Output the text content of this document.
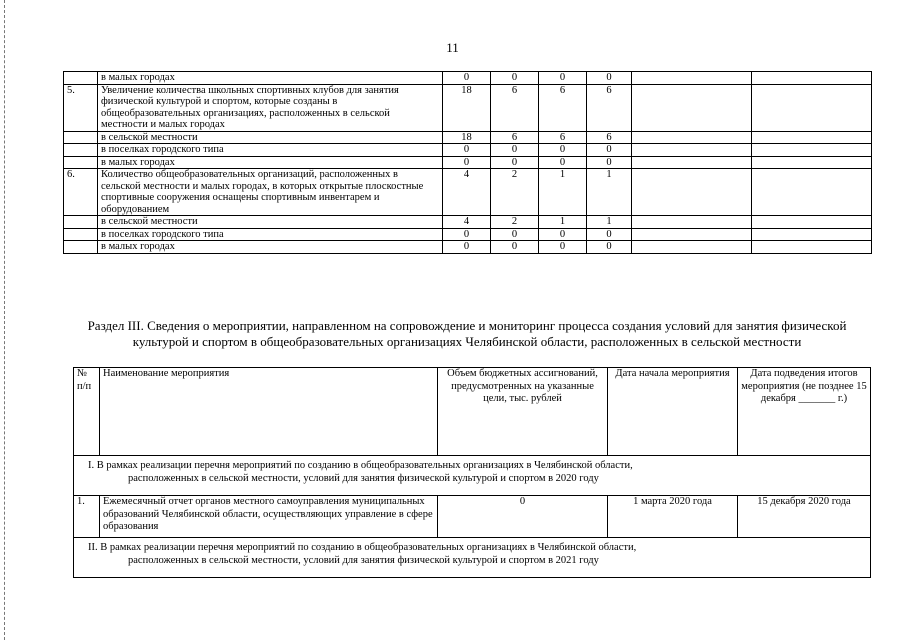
11
	в малых городах	0	0	0	0		
5.	Увеличение количества школьных спортивных клубов для занятия физической культурой и спортом, которые созданы в общеобразовательных организациях, расположенных в сельской местности и малых городах	18	6	6	6		
	в сельской местности	18	6	6	6		
	в поселках городского типа	0	0	0	0		
	в малых городах	0	0	0	0		
6.	Количество общеобразовательных организаций, расположенных в сельской местности и малых городах, в которых открытые плоскостные спортивные сооружения оснащены спортивным инвентарем и оборудованием	4	2	1	1		
	в сельской местности	4	2	1	1		
	в поселках городского типа	0	0	0	0		
	в малых городах	0	0	0	0		
Раздел III. Сведения о мероприятии, направленном на сопровождение и мониторинг процесса создания условий для занятия физической культурой и спортом в общеобразовательных организациях Челябинской области, расположенных в сельской местности
№ п/п	Наименование мероприятия	Объем бюджетных ассигнований, предусмотренных на указанные цели, тыс. рублей	Дата начала мероприятия	Дата подведения итогов мероприятия (не позднее 15 декабря _______ г.)
I. В рамках реализации перечня мероприятий по созданию в общеобразовательных организациях в Челябинской области,
расположенных в сельской местности, условий для занятия физической культурой и спортом в 2020 году				

1.	Ежемесячный отчет органов местного самоуправления муниципальных образований Челябинской области, осуществляющих управление в сфере образования	0	1 марта 2020 года	15 декабря 2020 года
II. В рамках реализации перечня мероприятий по созданию в общеобразовательных организациях в Челябинской области,
расположенных в сельской местности, условий для занятия физической культурой и спортом в 2021 году				
